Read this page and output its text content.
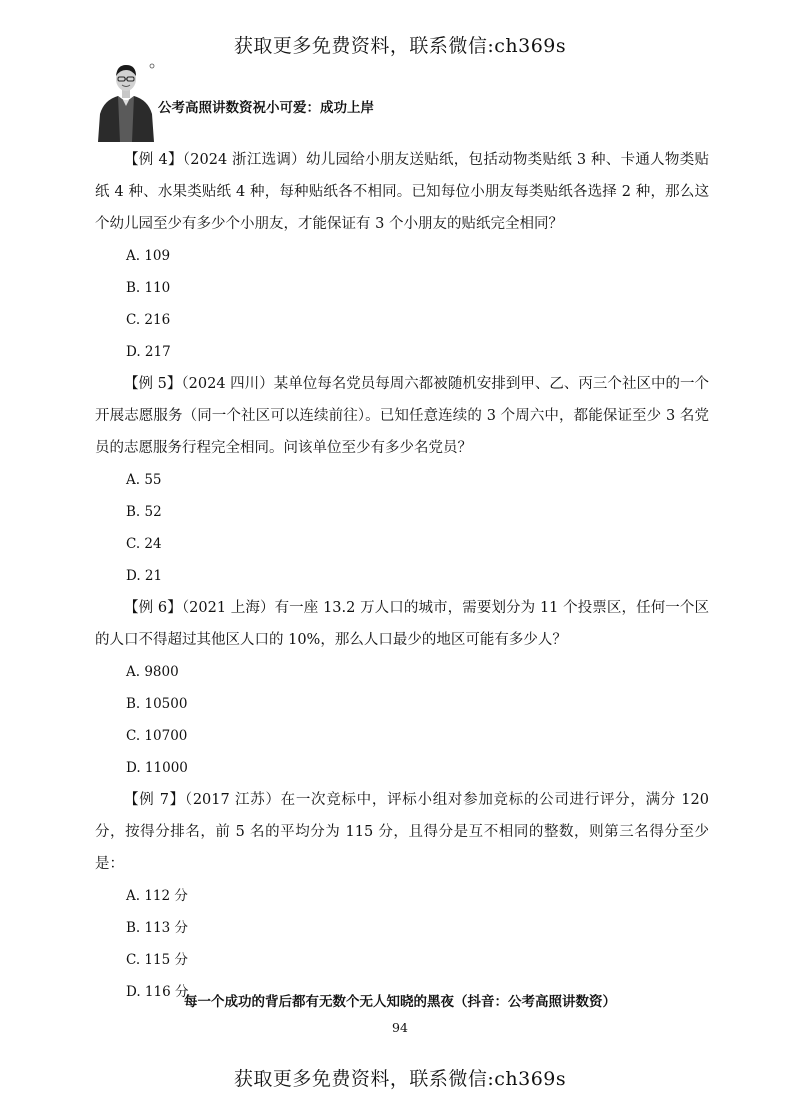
获取更多免费资料，联系微信:ch369s
公考高照讲数资祝小可爱：成功上岸

【例 4】（2024 浙江选调）幼儿园给小朋友送贴纸，包括动物类贴纸 3 种、卡通人物类贴纸 4 种、水果类贴纸 4 种，每种贴纸各不相同。已知每位小朋友每类贴纸各选择 2 种，那么这个幼儿园至少有多少个小朋友，才能保证有 3 个小朋友的贴纸完全相同？

A. 109

B. 110

C. 216

D. 217

【例 5】（2024 四川）某单位每名党员每周六都被随机安排到甲、乙、丙三个社区中的一个开展志愿服务（同一个社区可以连续前往）。已知任意连续的 3 个周六中，都能保证至少 3 名党员的志愿服务行程完全相同。问该单位至少有多少名党员？

A. 55

B. 52

C. 24

D. 21

【例 6】（2021 上海）有一座 13.2 万人口的城市，需要划分为 11 个投票区，任何一个区的人口不得超过其他区人口的 10%，那么人口最少的地区可能有多少人？

A. 9800

B. 10500

C. 10700

D. 11000

【例 7】（2017 江苏）在一次竞标中，评标小组对参加竞标的公司进行评分，满分 120 分，按得分排名，前 5 名的平均分为 115 分，且得分是互不相同的整数，则第三名得分至少是：

A. 112 分

B. 113 分

C. 115 分

D. 116 分

每一个成功的背后都有无数个无人知晓的黑夜（抖音：公考高照讲数资）
94
获取更多免费资料，联系微信:ch369s
